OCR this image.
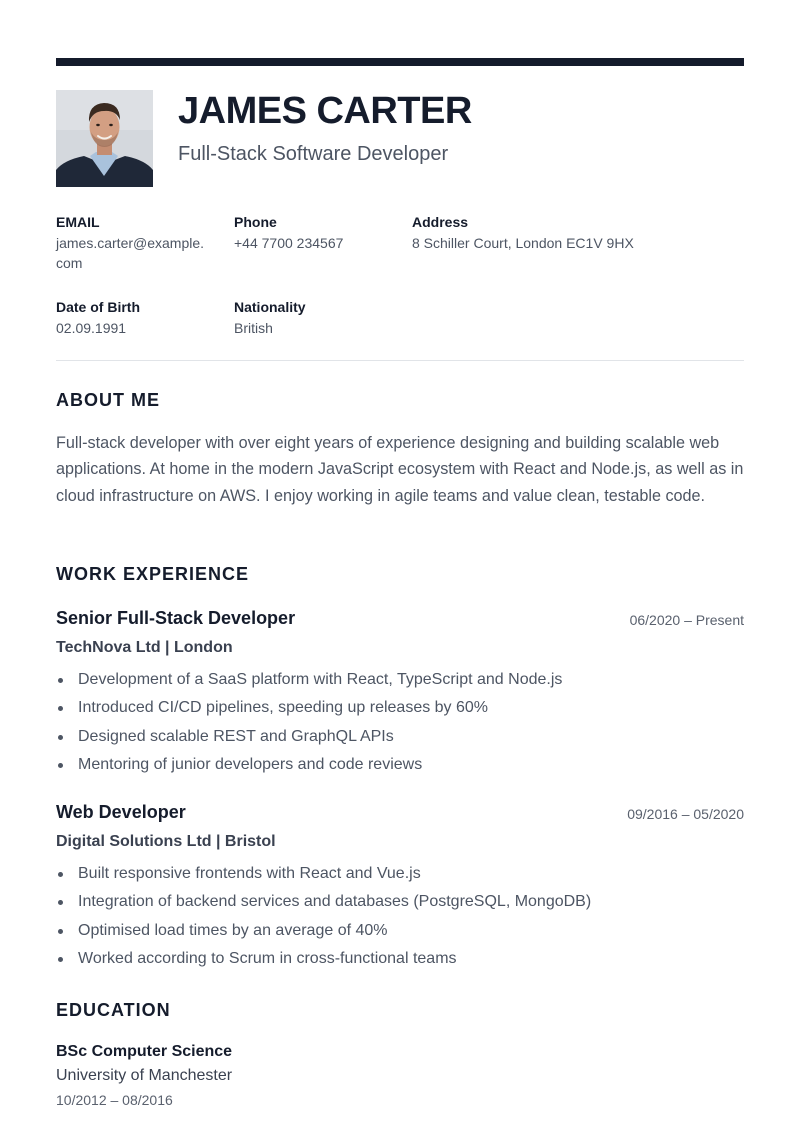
JAMES CARTER
Full-Stack Software Developer
EMAIL
james.carter@example.com
Phone
+44 7700 234567
Address
8 Schiller Court, London EC1V 9HX
Date of Birth
02.09.1991
Nationality
British
ABOUT ME
Full-stack developer with over eight years of experience designing and building scalable web applications. At home in the modern JavaScript ecosystem with React and Node.js, as well as in cloud infrastructure on AWS. I enjoy working in agile teams and value clean, testable code.
WORK EXPERIENCE
Senior Full-Stack Developer	06/2020 – Present
TechNova Ltd | London
Development of a SaaS platform with React, TypeScript and Node.js
Introduced CI/CD pipelines, speeding up releases by 60%
Designed scalable REST and GraphQL APIs
Mentoring of junior developers and code reviews
Web Developer	09/2016 – 05/2020
Digital Solutions Ltd | Bristol
Built responsive frontends with React and Vue.js
Integration of backend services and databases (PostgreSQL, MongoDB)
Optimised load times by an average of 40%
Worked according to Scrum in cross-functional teams
EDUCATION
BSc Computer Science
University of Manchester
10/2012 – 08/2016
